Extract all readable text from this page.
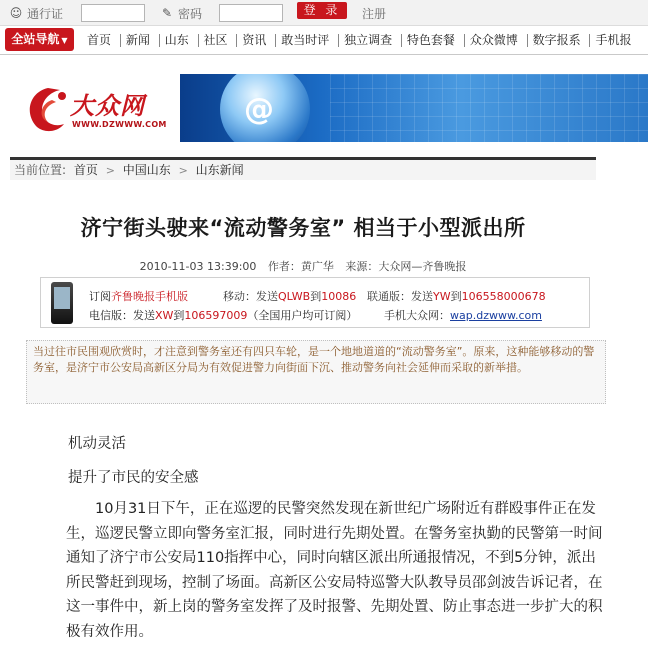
☺ 通行证	✎ 密码	登 录	注册
全站导航 ▼	首页 新闻 山东 社区 资讯 敢当时评 独立调查 特色套餐 众众微博 数字报系 手机报
大众网
WWW.DZWWW.COM	@
当前位置: 首页 > 中国山东 > 山东新闻
济宁街头驶来“流动警务室” 相当于小型派出所
2010-11-03 13:39:00 作者：黄广华 来源：大众网—齐鲁晚报
订阅齐鲁晚报手机版	移动：发送QLWB到10086 联通版：发送YW到106558000678
电信版：发送XW到106597009（全国用户均可订阅） 手机大众网：wap.dzwww.com
当过往市民围观欣赏时，才注意到警务室还有四只车轮，是一个地地道道的“流动警务室”。原来，这种能够移动的警务室，是济宁市公安局高新区分局为有效促进警力向街面下沉、推动警务向社会延伸而采取的新举措。
机动灵活
提升了市民的安全感
10月31日下午，正在巡逻的民警突然发现在新世纪广场附近有群殴事件正在发生，巡逻民警立即向警务室汇报，同时进行先期处置。在警务室执勤的民警第一时间通知了济宁市公安局110指挥中心，同时向辖区派出所通报情况，不到5分钟，派出所民警赶到现场，控制了场面。高新区公安局特巡警大队教导员邵剑波告诉记者，在这一事件中，新上岗的警务室发挥了及时报警、先期处置、防止事态进一步扩大的积极有效作用。
